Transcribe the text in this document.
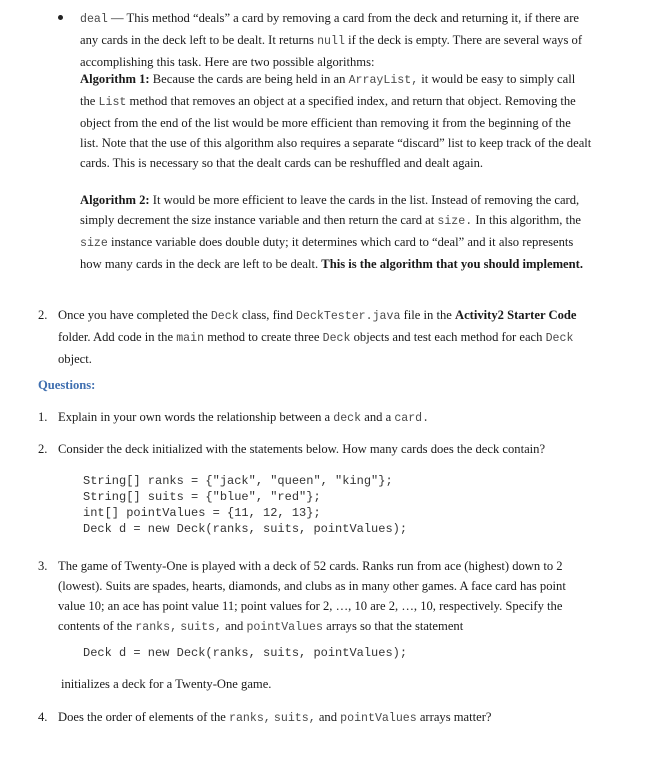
deal — This method “deals” a card by removing a card from the deck and returning it, if there are any cards in the deck left to be dealt. It returns null if the deck is empty. There are several ways of accomplishing this task. Here are two possible algorithms:
Algorithm 1: Because the cards are being held in an ArrayList, it would be easy to simply call the List method that removes an object at a specified index, and return that object. Removing the object from the end of the list would be more efficient than removing it from the beginning of the list. Note that the use of this algorithm also requires a separate “discard” list to keep track of the dealt cards. This is necessary so that the dealt cards can be reshuffled and dealt again.
Algorithm 2: It would be more efficient to leave the cards in the list. Instead of removing the card, simply decrement the size instance variable and then return the card at size. In this algorithm, the size instance variable does double duty; it determines which card to “deal” and it also represents how many cards in the deck are left to be dealt. This is the algorithm that you should implement.
2. Once you have completed the Deck class, find DeckTester.java file in the Activity2 Starter Code folder. Add code in the main method to create three Deck objects and test each method for each Deck object.
Questions:
1. Explain in your own words the relationship between a deck and a card.
2. Consider the deck initialized with the statements below. How many cards does the deck contain?
String[] ranks = {"jack", "queen", "king"};
String[] suits = {"blue", "red"};
int[] pointValues = {11, 12, 13};
Deck d = new Deck(ranks, suits, pointValues);
3. The game of Twenty-One is played with a deck of 52 cards. Ranks run from ace (highest) down to 2 (lowest). Suits are spades, hearts, diamonds, and clubs as in many other games. A face card has point value 10; an ace has point value 11; point values for 2, …, 10 are 2, …, 10, respectively. Specify the contents of the ranks, suits, and pointValues arrays so that the statement
Deck d = new Deck(ranks, suits, pointValues);
initializes a deck for a Twenty-One game.
4. Does the order of elements of the ranks, suits, and pointValues arrays matter?
